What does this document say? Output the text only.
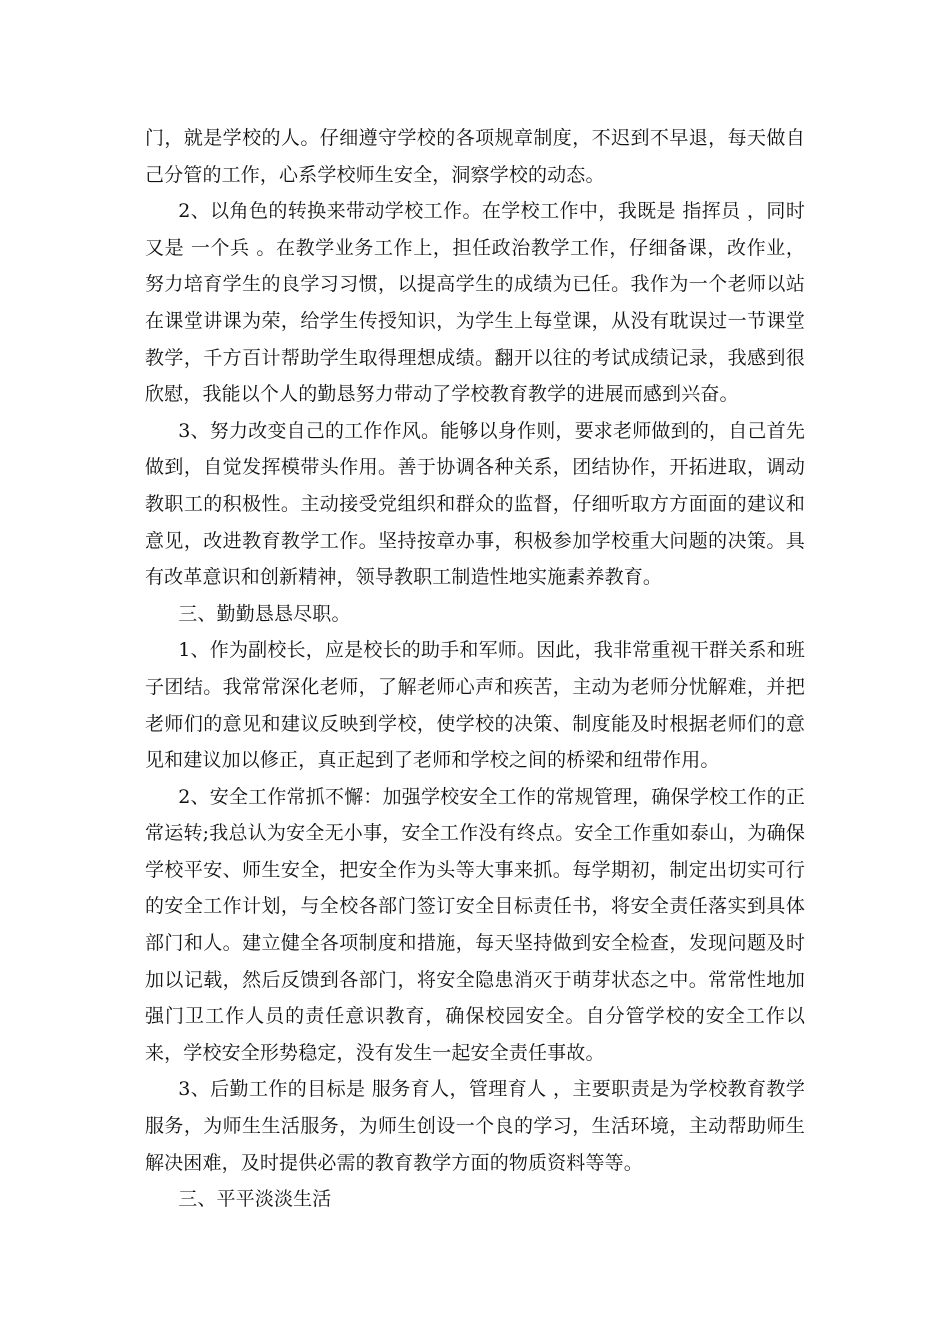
门，就是学校的人。仔细遵守学校的各项规章制度，不迟到不早退，每天做自己分管的工作，心系学校师生安全，洞察学校的动态。

2、以角色的转换来带动学校工作。在学校工作中，我既是 指挥员 ，同时又是 一个兵 。在教学业务工作上，担任政治教学工作，仔细备课，改作业，努力培育学生的良学习习惯，以提高学生的成绩为已任。我作为一个老师以站在课堂讲课为荣，给学生传授知识，为学生上每堂课，从没有耽误过一节课堂教学，千方百计帮助学生取得理想成绩。翻开以往的考试成绩记录，我感到很欣慰，我能以个人的勤恳努力带动了学校教育教学的进展而感到兴奋。

3、努力改变自己的工作作风。能够以身作则，要求老师做到的，自己首先做到，自觉发挥模带头作用。善于协调各种关系，团结协作，开拓进取，调动教职工的积极性。主动接受党组织和群众的监督，仔细听取方方面面的建议和意见，改进教育教学工作。坚持按章办事，积极参加学校重大问题的决策。具有改革意识和创新精神，领导教职工制造性地实施素养教育。

三、勤勤恳恳尽职。

1、作为副校长，应是校长的助手和军师。因此，我非常重视干群关系和班子团结。我常常深化老师，了解老师心声和疾苦，主动为老师分忧解难，并把老师们的意见和建议反映到学校，使学校的决策、制度能及时根据老师们的意见和建议加以修正，真正起到了老师和学校之间的桥梁和纽带作用。

2、安全工作常抓不懈：加强学校安全工作的常规管理，确保学校工作的正常运转;我总认为安全无小事，安全工作没有终点。安全工作重如泰山，为确保学校平安、师生安全，把安全作为头等大事来抓。每学期初，制定出切实可行的安全工作计划，与全校各部门签订安全目标责任书，将安全责任落实到具体部门和人。建立健全各项制度和措施，每天坚持做到安全检查，发现问题及时加以记载，然后反馈到各部门，将安全隐患消灭于萌芽状态之中。常常性地加强门卫工作人员的责任意识教育，确保校园安全。自分管学校的安全工作以来，学校安全形势稳定，没有发生一起安全责任事故。

3、后勤工作的目标是 服务育人，管理育人 ，主要职责是为学校教育教学服务，为师生生活服务，为师生创设一个良的学习，生活环境，主动帮助师生解决困难，及时提供必需的教育教学方面的物质资料等等。

三、平平淡淡生活
